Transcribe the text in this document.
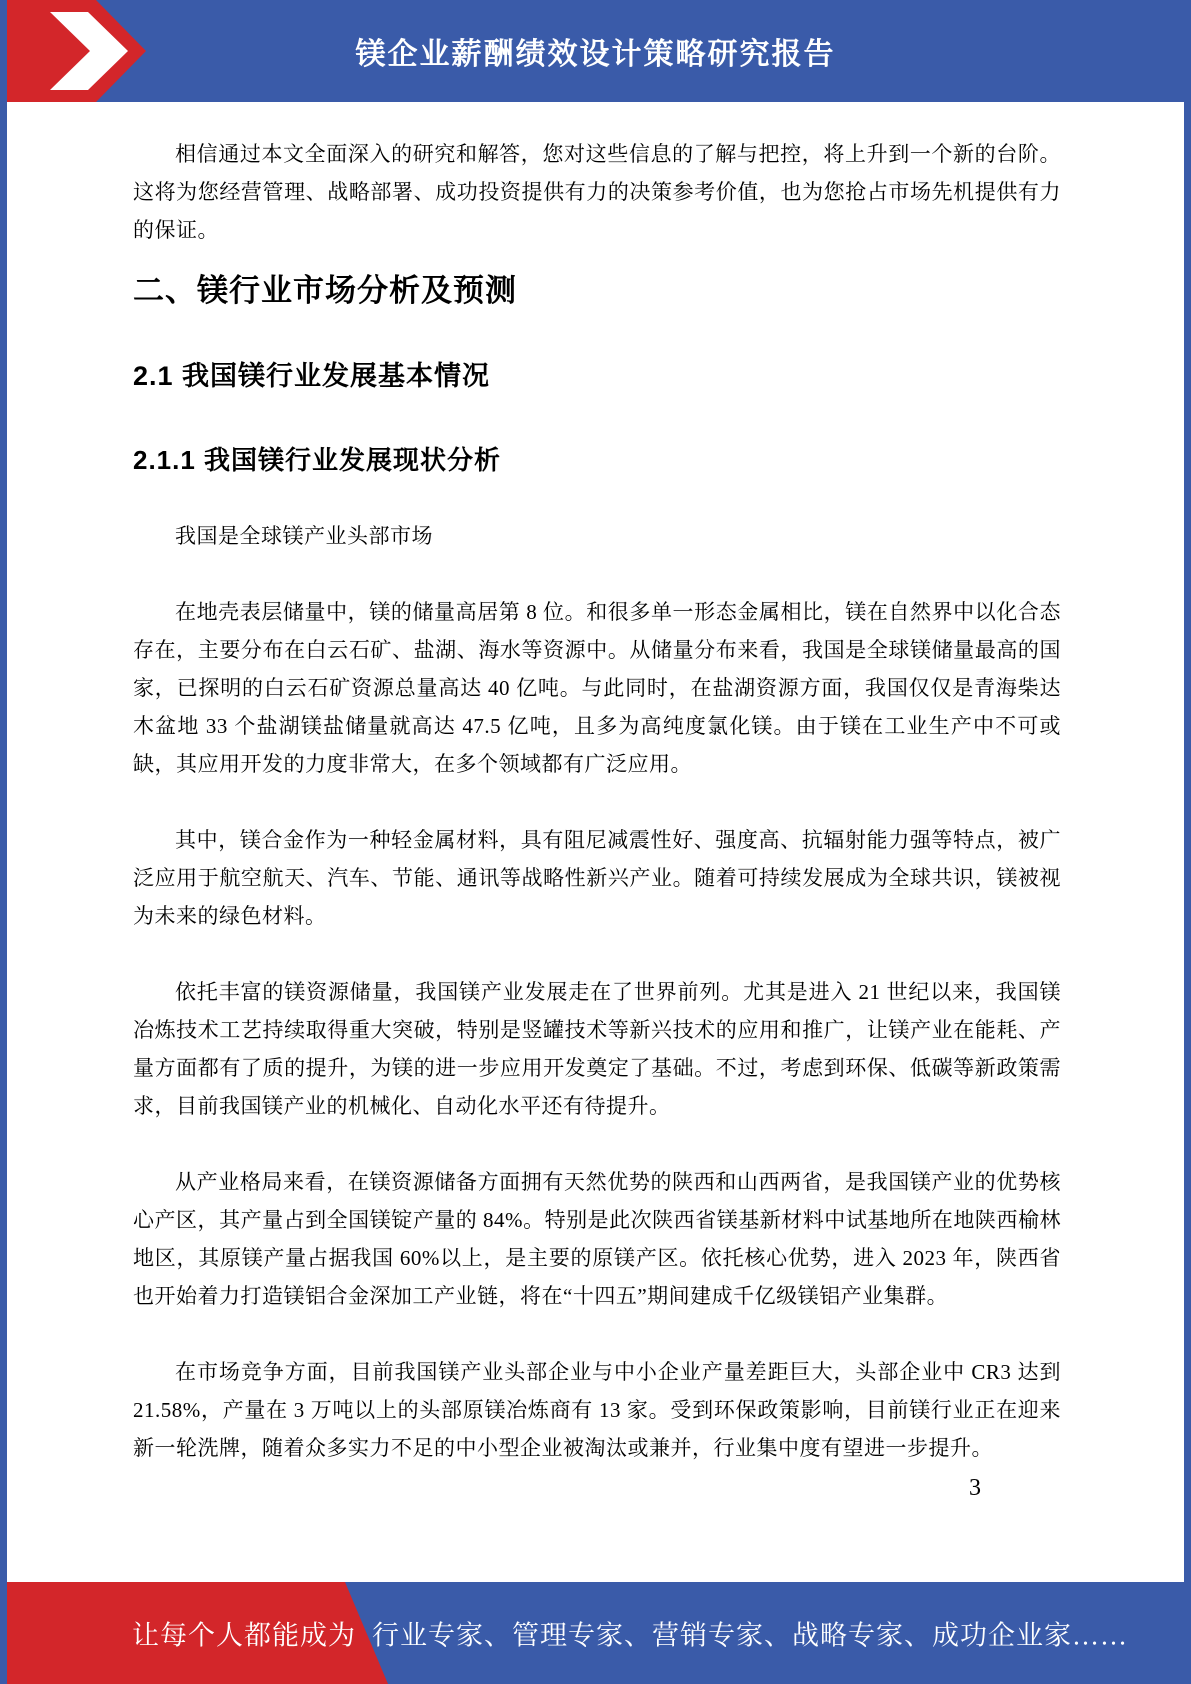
镁企业薪酬绩效设计策略研究报告

相信通过本文全面深入的研究和解答，您对这些信息的了解与把控，将上升到一个新的台阶。这将为您经营管理、战略部署、成功投资提供有力的决策参考价值，也为您抢占市场先机提供有力的保证。

二、镁行业市场分析及预测
2.1 我国镁行业发展基本情况
2.1.1 我国镁行业发展现状分析

我国是全球镁产业头部市场

在地壳表层储量中，镁的储量高居第 8 位。和很多单一形态金属相比，镁在自然界中以化合态存在，主要分布在白云石矿、盐湖、海水等资源中。从储量分布来看，我国是全球镁储量最高的国家，已探明的白云石矿资源总量高达 40 亿吨。与此同时，在盐湖资源方面，我国仅仅是青海柴达木盆地 33 个盐湖镁盐储量就高达 47.5 亿吨，且多为高纯度氯化镁。由于镁在工业生产中不可或缺，其应用开发的力度非常大，在多个领域都有广泛应用。

其中，镁合金作为一种轻金属材料，具有阻尼减震性好、强度高、抗辐射能力强等特点，被广泛应用于航空航天、汽车、节能、通讯等战略性新兴产业。随着可持续发展成为全球共识，镁被视为未来的绿色材料。

依托丰富的镁资源储量，我国镁产业发展走在了世界前列。尤其是进入 21 世纪以来，我国镁冶炼技术工艺持续取得重大突破，特别是竖罐技术等新兴技术的应用和推广，让镁产业在能耗、产量方面都有了质的提升，为镁的进一步应用开发奠定了基础。不过，考虑到环保、低碳等新政策需求，目前我国镁产业的机械化、自动化水平还有待提升。

从产业格局来看，在镁资源储备方面拥有天然优势的陕西和山西两省，是我国镁产业的优势核心产区，其产量占到全国镁锭产量的 84%。特别是此次陕西省镁基新材料中试基地所在地陕西榆林地区，其原镁产量占据我国 60%以上，是主要的原镁产区。依托核心优势，进入 2023 年，陕西省也开始着力打造镁铝合金深加工产业链，将在“十四五”期间建成千亿级镁铝产业集群。

在市场竞争方面，目前我国镁产业头部企业与中小企业产量差距巨大，头部企业中 CR3 达到 21.58%，产量在 3 万吨以上的头部原镁冶炼商有 13 家。受到环保政策影响，目前镁行业正在迎来新一轮洗牌，随着众多实力不足的中小型企业被淘汰或兼并，行业集中度有望进一步提升。

3
让每个人都能成为 行业专家、管理专家、营销专家、战略专家、成功企业家……
